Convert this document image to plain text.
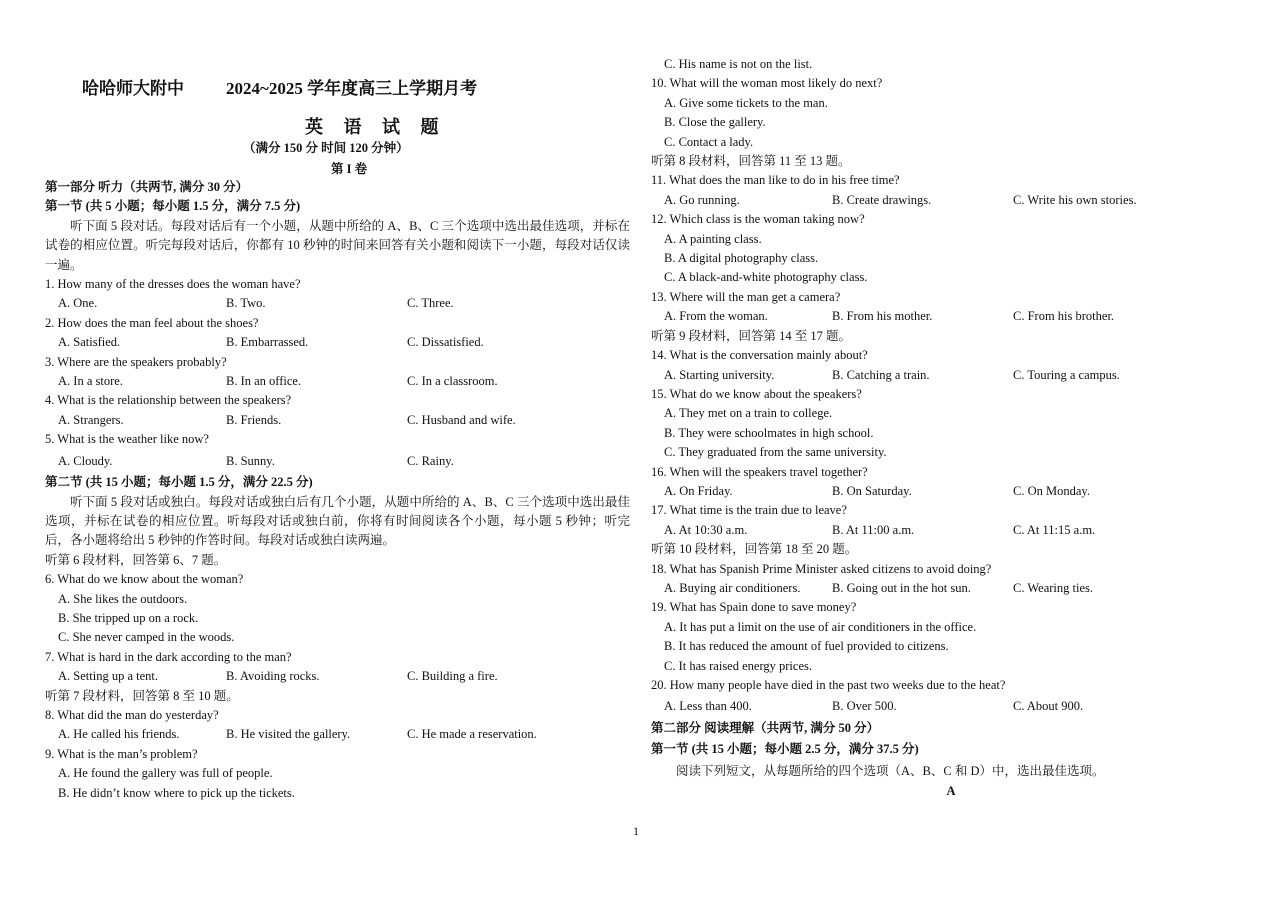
哈哈师大附中 2024~2025 学年度高三上学期月考
英 语 试 题
（满分 150 分 时间 120 分钟）
第 I 卷
第一部分 听力（共两节, 满分 30 分）
第一节 (共 5 小题；每小题 1.5 分，满分 7.5 分)
听下面 5 段对话。每段对话后有一个小题，从题中所给的 A、B、C 三个选项中选出最佳选项，并标在试卷的相应位置。听完每段对话后，你都有 10 秒钟的时间来回答有关小题和阅读下一小题，每段对话仅读一遍。
1. How many of the dresses does the woman have?
A. One.	B. Two.	C. Three.
2. How does the man feel about the shoes?
A. Satisfied.	B. Embarrassed.	C. Dissatisfied.
3. Where are the speakers probably?
A. In a store.	B. In an office.	C. In a classroom.
4. What is the relationship between the speakers?
A. Strangers.	B. Friends.	C. Husband and wife.
5. What is the weather like now?
A. Cloudy.	B. Sunny.	C. Rainy.
第二节 (共 15 小题；每小题 1.5 分，满分 22.5 分)
听下面 5 段对话或独白。每段对话或独白后有几个小题，从题中所给的 A、B、C 三个选项中选出最佳选项，并标在试卷的相应位置。听每段对话或独白前，你将有时间阅读各个小题，每小题 5 秒钟；听完后，各小题将给出 5 秒钟的作答时间。每段对话或独白读两遍。
听第 6 段材料，回答第 6、7 题。
6. What do we know about the woman?
A. She likes the outdoors.
B. She tripped up on a rock.
C. She never camped in the woods.
7. What is hard in the dark according to the man?
A. Setting up a tent.	B. Avoiding rocks.	C. Building a fire.
听第 7 段材料，回答第 8 至 10 题。
8. What did the man do yesterday?
A. He called his friends.	B. He visited the gallery.	C. He made a reservation.
9. What is the man’s problem?
A. He found the gallery was full of people.
B. He didn’t know where to pick up the tickets.
C. His name is not on the list.
10. What will the woman most likely do next?
A. Give some tickets to the man.
B. Close the gallery.
C. Contact a lady.
听第 8 段材料，回答第 11 至 13 题。
11. What does the man like to do in his free time?
A. Go running.	B. Create drawings.	C. Write his own stories.
12. Which class is the woman taking now?
A. A painting class.
B. A digital photography class.
C. A black-and-white photography class.
13. Where will the man get a camera?
A. From the woman.	B. From his mother.	C. From his brother.
听第 9 段材料，回答第 14 至 17 题。
14. What is the conversation mainly about?
A. Starting university.	B. Catching a train.	C. Touring a campus.
15. What do we know about the speakers?
A. They met on a train to college.
B. They were schoolmates in high school.
C. They graduated from the same university.
16. When will the speakers travel together?
A. On Friday.	B. On Saturday.	C. On Monday.
17. What time is the train due to leave?
A. At 10:30 a.m.	B. At 11:00 a.m.	C. At 11:15 a.m.
听第 10 段材料，回答第 18 至 20 题。
18. What has Spanish Prime Minister asked citizens to avoid doing?
A. Buying air conditioners.	B. Going out in the hot sun.	C. Wearing ties.
19. What has Spain done to save money?
A. It has put a limit on the use of air conditioners in the office.
B. It has reduced the amount of fuel provided to citizens.
C. It has raised energy prices.
20. How many people have died in the past two weeks due to the heat?
A. Less than 400.	B. Over 500.	C. About 900.
第二部分 阅读理解（共两节, 满分 50 分）
第一节 (共 15 小题；每小题 2.5 分，满分 37.5 分)
阅读下列短文，从每题所给的四个选项（A、B、C 和 D）中，选出最佳选项。
A
1
